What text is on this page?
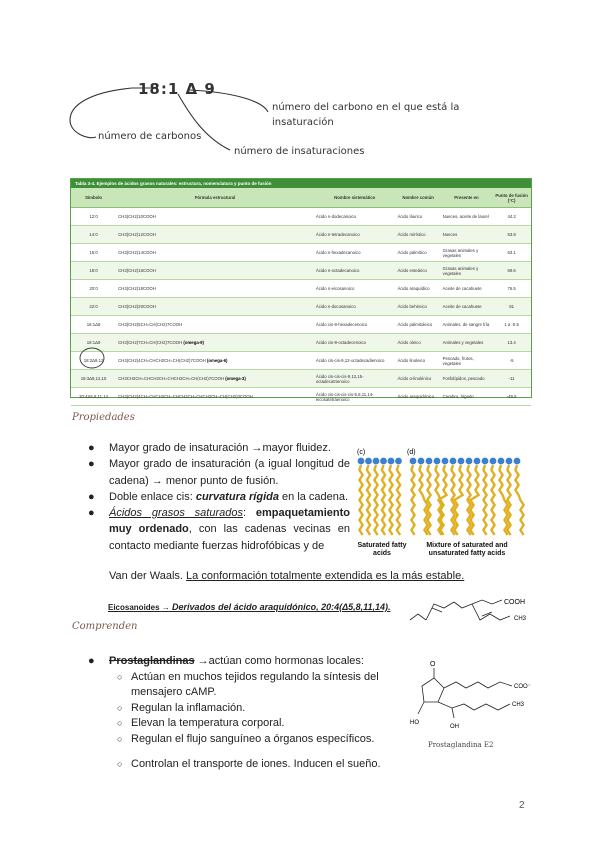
18:1 Δ 9
número del carbono en el que está la insaturación
número de carbonos
número de insaturaciones
Tabla 3-4. Ejemplos de ácidos grasos naturales: estructura, nomenclatura y punto de fusión
Símbolo	Fórmula estructural	Nombre sistemático	Nombre común	Presente en	Punto de fusión (°C)
12:0	CH3(CH2)10COOH	Ácido n-dodecanoico	Ácido láurico	Nueces, aceite de laurel	44.2
14:0	CH3(CH2)12COOH	Ácido n-tetradecanoico	Ácido mirístico	Nueces	53.9
16:0	CH3(CH2)14COOH	Ácido n-hexadecanoico	Ácido palmítico	Grasas animales y vegetales	63.1
18:0	CH3(CH2)16COOH	Ácido n-octadecanoico	Ácido esteárico	Grasas animales y vegetales	69.6
20:0	CH3(CH2)18COOH	Ácido n-eicosanoico	Ácido araquídico	Aceite de cacahuete	76.5
22:0	CH3(CH2)20COOH	Ácido n-docosanoico	Ácido behénico	Aceite de cacahuete	81
16:1Δ9	CH3(CH2)5CH=CH(CH2)7COOH	Ácido cis-9-hexadecenoico	Ácido palmitoleico	Animales, de sangre fría	1 a -0.5
18:1Δ9	CH3(CH2)7CH=CH(CH2)7COOH (omega-9)	Ácido cis-9-octadecenoico	Ácido oleico	Animales y vegetales	13.4
18:2Δ9,12	CH3(CH2)4CH=CHCH2CH=CH(CH2)7COOH (omega-6)	Ácido cis-cis-9,12-octadecadienoico	Ácido linoleico	Pescado, frutos, vegetales	-5
18:3Δ9,12,15	CH3CH2CH=CHCH2CH=CHCH2CH=CH(CH2)7COOH (omega-3)	Ácido cis-cis-cis-9,12,15-octadecatrienoico	Ácido α-linolénico	Fosfolípidos, pescado	-11
20:4Δ5,8,11,14	CH3(CH2)4CH=CHCH2CH=CHCH2CH=CHCH2CH=CH(CH2)3COOH	Ácido cis-cis-cis-cis-5,8,11,14-eicosatetraenoico	Ácido araquidónico	Cerebro, hígado	-49.5
Propiedades
● Mayor grado de insaturación →mayor fluidez.
● Mayor grado de insaturación (a igual longitud de cadena) → menor punto de fusión.
● Doble enlace cis: curvatura rígida en la cadena.
● Ácidos grasos saturados: empaquetamiento muy ordenado, con las cadenas vecinas en contacto mediante fuerzas hidrofóbicas y de
Van der Waals. La conformación totalmente extendida es la más estable.
(c)	(d)
Saturated fatty acids
Mixture of saturated and unsaturated fatty acids
Eicosanoides → Derivados del ácido araquidónico, 20:4(Δ5,8,11,14).	COOH
CH3
Comprenden
● Prostaglandinas →actúan como hormonas locales:
○ Actúan en muchos tejidos regulando la síntesis del mensajero cAMP.
○ Regulan la inflamación.
○ Elevan la temperatura corporal.
○ Regulan el flujo sanguíneo a órganos específicos.
○ Controlan el transporte de iones. Inducen el sueño.
O
COO⁻
CH3
HO
OH
Prostaglandina E2
2
